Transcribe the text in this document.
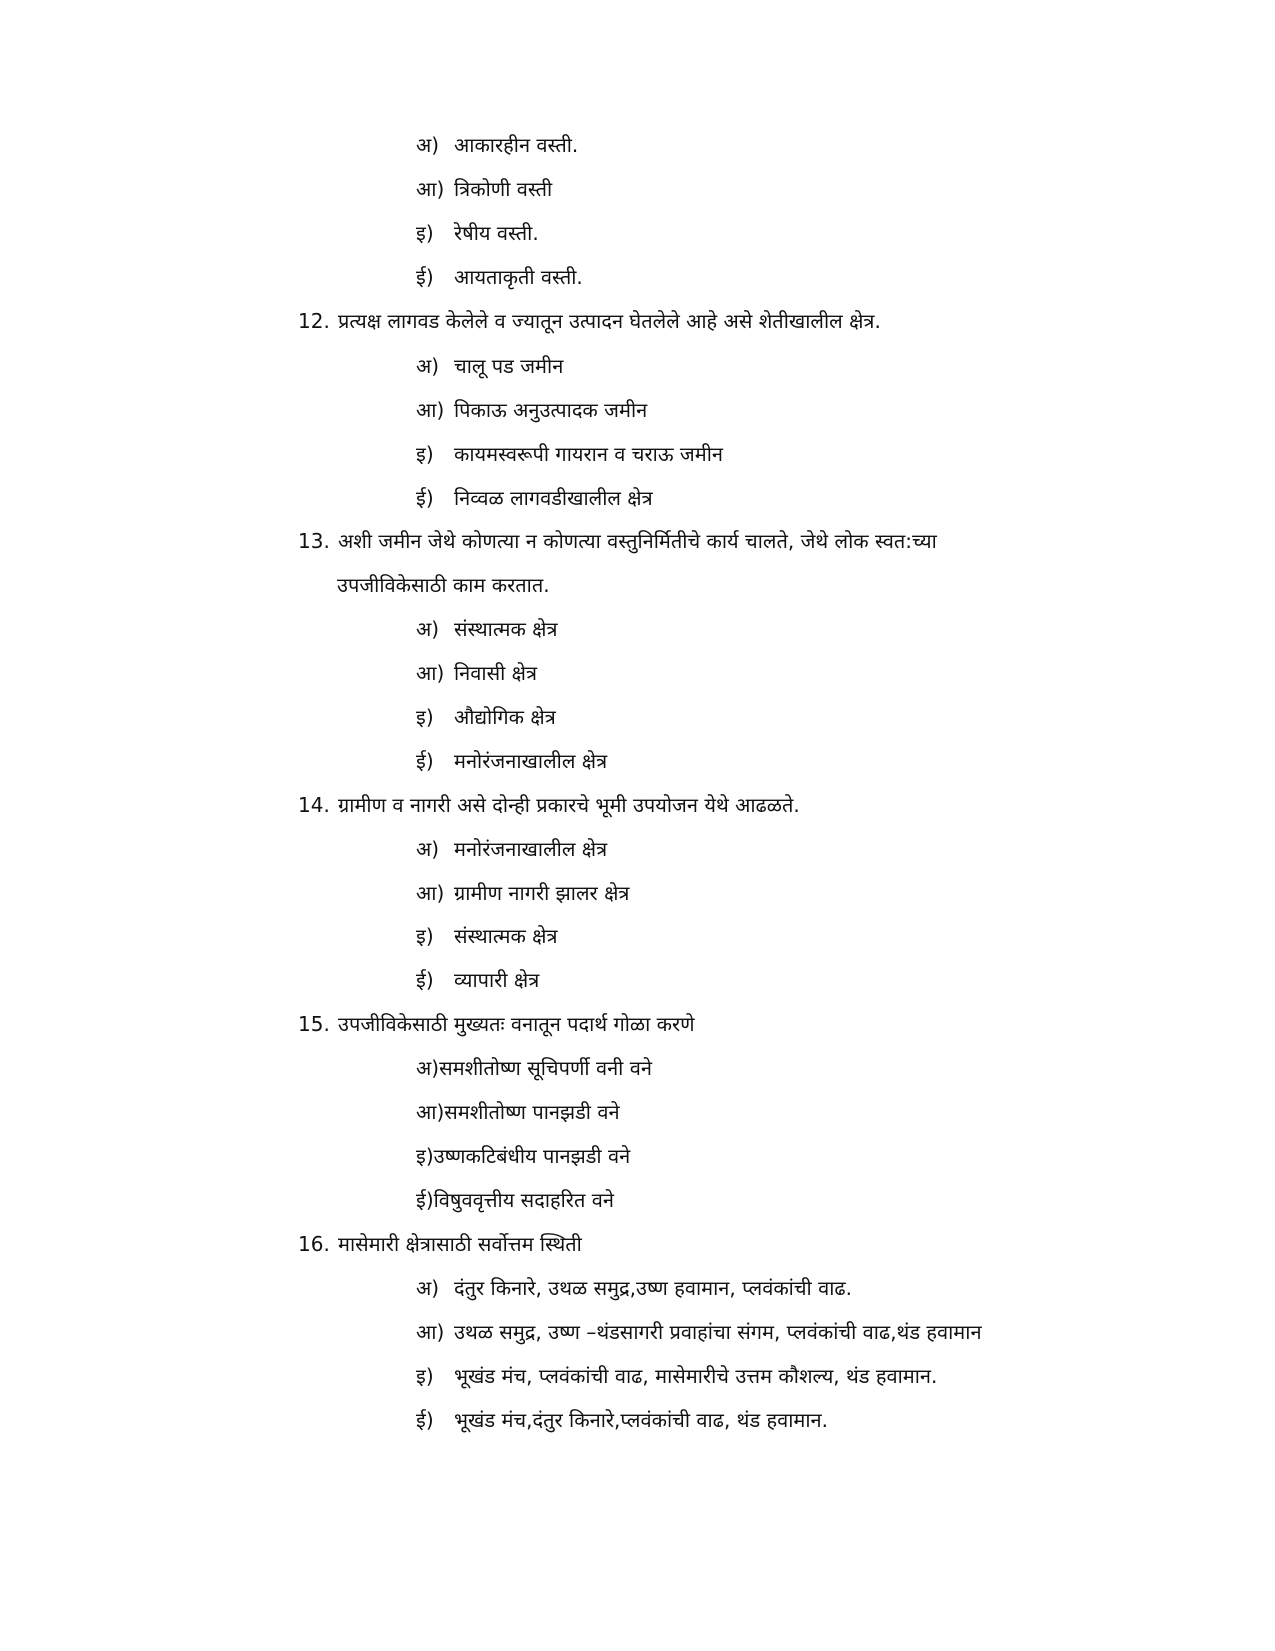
अ) आकारहीन वस्ती.
आ) त्रिकोणी वस्ती
इ) रेषीय वस्ती.
ई) आयताकृती वस्ती.
12. प्रत्यक्ष लागवड केलेले व ज्यातून उत्पादन घेतलेले आहे असे शेतीखालील क्षेत्र.
अ) चालू पड जमीन
आ) पिकाऊ अनुउत्पादक जमीन
इ) कायमस्वरूपी गायरान व चराऊ जमीन
ई) निव्वळ लागवडीखालील क्षेत्र
13. अशी जमीन जेथे कोणत्या न कोणत्या वस्तुनिर्मितीचे कार्य चालते, जेथे लोक स्वत:च्या
उपजीविकेसाठी काम करतात.
अ) संस्थात्मक क्षेत्र
आ) निवासी क्षेत्र
इ) औद्योगिक क्षेत्र
ई) मनोरंजनाखालील क्षेत्र
14. ग्रामीण व नागरी असे दोन्ही प्रकारचे भूमी उपयोजन येथे आढळते.
अ) मनोरंजनाखालील क्षेत्र
आ) ग्रामीण नागरी झालर क्षेत्र
इ) संस्थात्मक क्षेत्र
ई) व्यापारी क्षेत्र
15. उपजीविकेसाठी मुख्यतः वनातून पदार्थ गोळा करणे
अ)समशीतोष्ण सूचिपर्णी वनी वने
आ)समशीतोष्ण पानझडी वने
इ)उष्णकटिबंधीय पानझडी वने
ई)विषुववृत्तीय सदाहरित वने
16. मासेमारी क्षेत्रासाठी सर्वोत्तम स्थिती
अ) दंतुर किनारे, उथळ समुद्र,उष्ण हवामान, प्लवंकांची वाढ.
आ) उथळ समुद्र, उष्ण –थंडसागरी प्रवाहांचा संगम, प्लवंकांची वाढ,थंड हवामान
इ) भूखंड मंच, प्लवंकांची वाढ, मासेमारीचे उत्तम कौशल्य, थंड हवामान.
ई) भूखंड मंच,दंतुर किनारे,प्लवंकांची वाढ, थंड हवामान.
